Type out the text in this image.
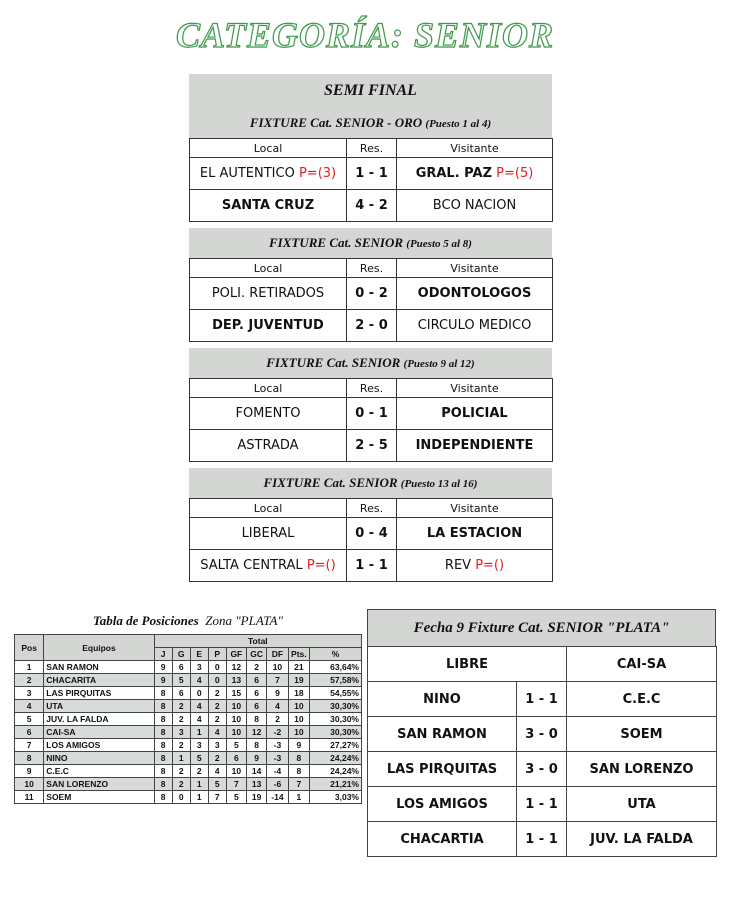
CATEGORÍA: SENIOR
SEMI FINAL
FIXTURE Cat. SENIOR - ORO (Puesto 1 al 4)
Local	Res.	Visitante
EL AUTENTICO P=(3)	1 - 1	GRAL. PAZ P=(5)
SANTA CRUZ	4 - 2	BCO NACION
FIXTURE Cat. SENIOR (Puesto 5 al 8)
Local	Res.	Visitante
POLI. RETIRADOS	0 - 2	ODONTOLOGOS
DEP. JUVENTUD	2 - 0	CIRCULO MEDICO
FIXTURE Cat. SENIOR (Puesto 9 al 12)
Local	Res.	Visitante
FOMENTO	0 - 1	POLICIAL
ASTRADA	2 - 5	INDEPENDIENTE
FIXTURE Cat. SENIOR (Puesto 13 al 16)
Local	Res.	Visitante
LIBERAL	0 - 4	LA ESTACION
SALTA CENTRAL P=()	1 - 1	REV P=()
Tabla de Posiciones Zona "PLATA"
Pos	Equipos	Total								
		J	G	E	P	GF	GC	DF	Pts.	%
1	SAN RAMON	9	6	3	0	12	2	10	21	63,64%
2	CHACARITA	9	5	4	0	13	6	7	19	57,58%
3	LAS PIRQUITAS	8	6	0	2	15	6	9	18	54,55%
4	UTA	8	2	4	2	10	6	4	10	30,30%
5	JUV. LA FALDA	8	2	4	2	10	8	2	10	30,30%
6	CAI-SA	8	3	1	4	10	12	-2	10	30,30%
7	LOS AMIGOS	8	2	3	3	5	8	-3	9	27,27%
8	NINO	8	1	5	2	6	9	-3	8	24,24%
9	C.E.C	8	2	2	4	10	14	-4	8	24,24%
10	SAN LORENZO	8	2	1	5	7	13	-6	7	21,21%
11	SOEM	8	0	1	7	5	19	-14	1	3,03%
Fecha 9 Fixture Cat. SENIOR "PLATA"
LIBRE		CAI-SA
NINO	1 - 1	C.E.C
SAN RAMON	3 - 0	SOEM
LAS PIRQUITAS	3 - 0	SAN LORENZO
LOS AMIGOS	1 - 1	UTA
CHACARTIA	1 - 1	JUV. LA FALDA
